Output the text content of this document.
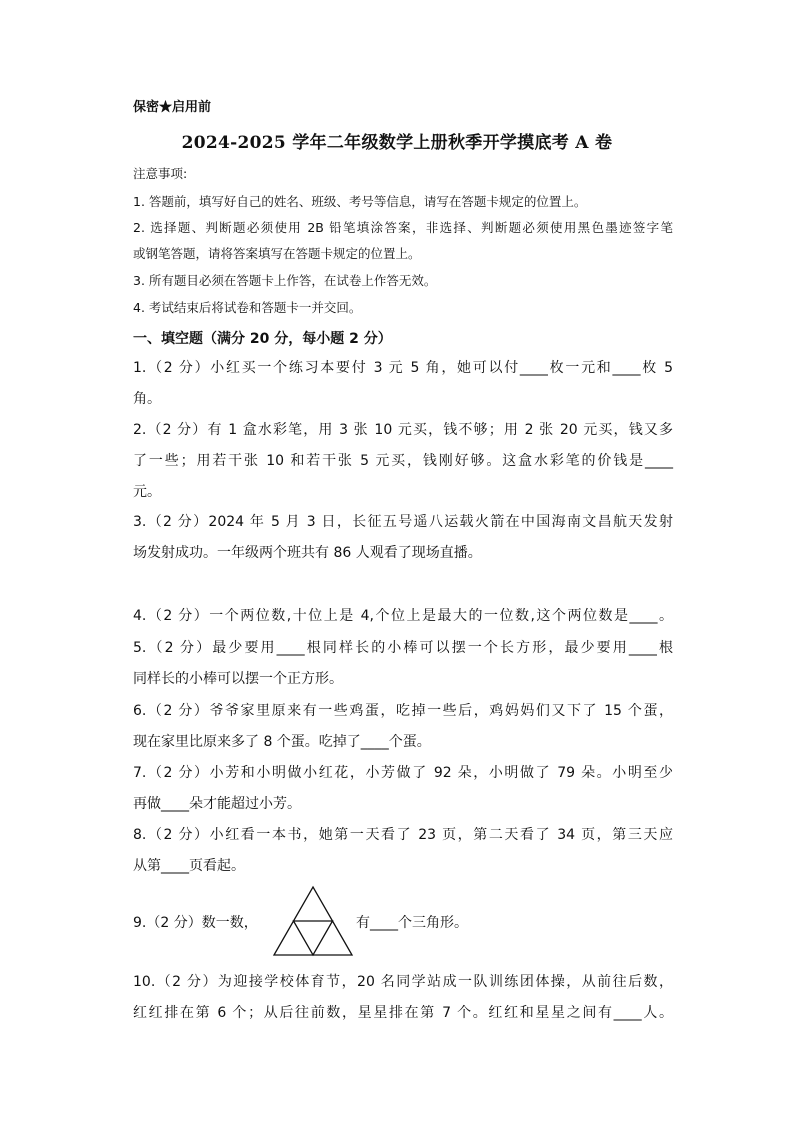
保密★启用前
2024-2025 学年二年级数学上册秋季开学摸底考 A 卷
注意事项:
1. 答题前，填写好自己的姓名、班级、考号等信息，请写在答题卡规定的位置上。
2. 选择题、判断题必须使用 2B 铅笔填涂答案，非选择、判断题必须使用黑色墨迹签字笔
或钢笔答题，请将答案填写在答题卡规定的位置上。
3. 所有题目必须在答题卡上作答，在试卷上作答无效。
4. 考试结束后将试卷和答题卡一并交回。
一、填空题（满分 20 分，每小题 2 分）
1.（2 分）小红买一个练习本要付 3 元 5 角，她可以付____枚一元和____枚 5
角。
2.（2 分）有 1 盒水彩笔，用 3 张 10 元买，钱不够；用 2 张 20 元买，钱又多
了一些；用若干张 10 和若干张 5 元买，钱刚好够。这盒水彩笔的价钱是____
元。
3.（2 分）2024 年 5 月 3 日，长征五号遥八运载火箭在中国海南文昌航天发射
场发射成功。一年级两个班共有 86 人观看了现场直播。
4.（2 分）一个两位数,十位上是 4,个位上是最大的一位数,这个两位数是____。
5.（2 分）最少要用____根同样长的小棒可以摆一个长方形，最少要用____根
同样长的小棒可以摆一个正方形。
6.（2 分）爷爷家里原来有一些鸡蛋，吃掉一些后，鸡妈妈们又下了 15 个蛋，
现在家里比原来多了 8 个蛋。吃掉了____个蛋。
7.（2 分）小芳和小明做小红花，小芳做了 92 朵，小明做了 79 朵。小明至少
再做____朵才能超过小芳。
8.（2 分）小红看一本书，她第一天看了 23 页，第二天看了 34 页，第三天应
从第____页看起。
9.（2 分）数一数，	有____个三角形。
10.（2 分）为迎接学校体育节，20 名同学站成一队训练团体操，从前往后数，
红红排在第 6 个；从后往前数，星星排在第 7 个。红红和星星之间有____人。
